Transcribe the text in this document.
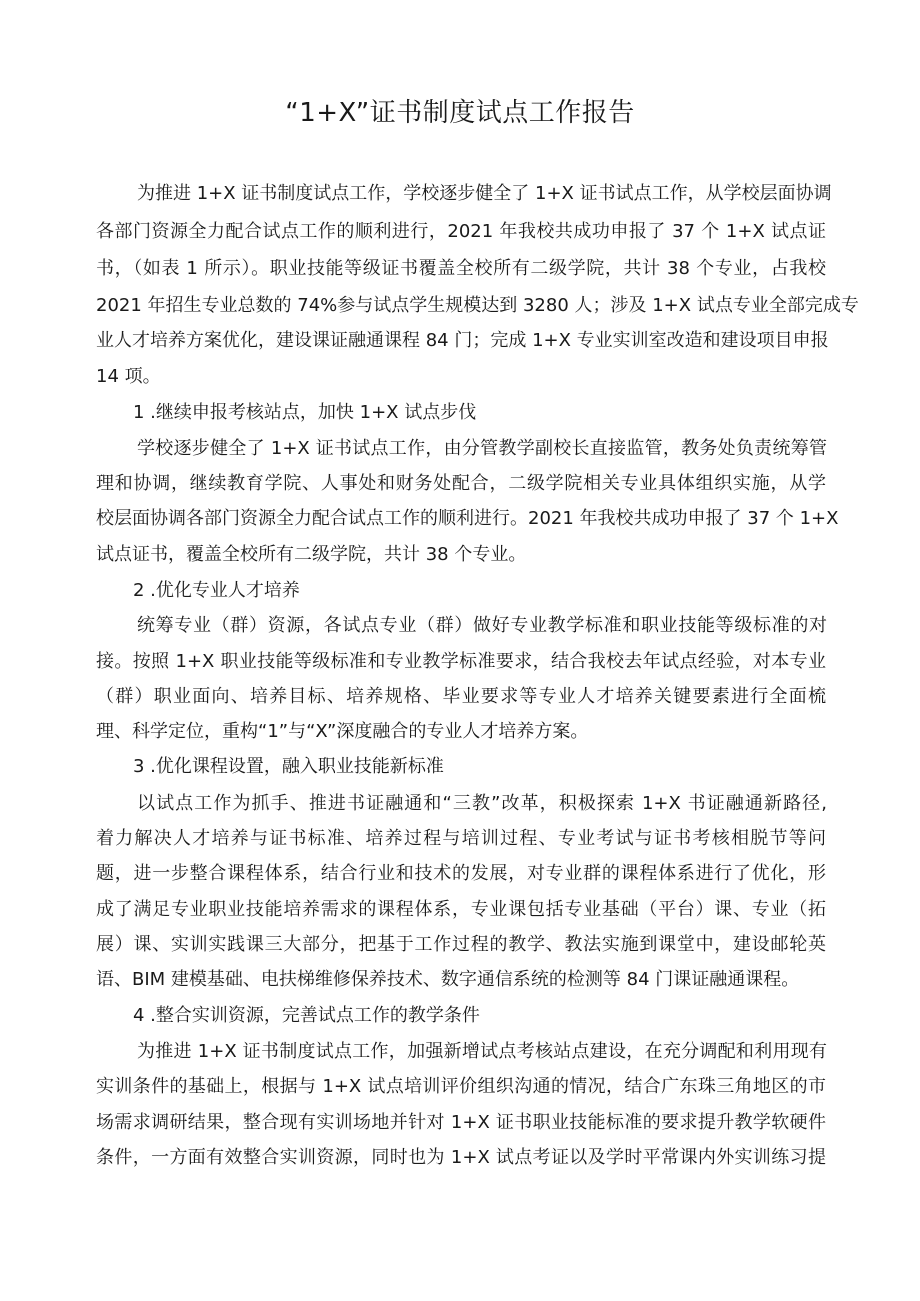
“1+X”证书制度试点工作报告
为推进 1+X 证书制度试点工作，学校逐步健全了 1+X 证书试点工作，从学校层面协调
各部门资源全力配合试点工作的顺利进行，2021 年我校共成功申报了 37 个 1+X 试点证
书，（如表 1 所示）。职业技能等级证书覆盖全校所有二级学院，共计 38 个专业，占我校
2021 年招生专业总数的 74%参与试点学生规模达到 3280 人；涉及 1+X 试点专业全部完成专
业人才培养方案优化，建设课证融通课程 84 门；完成 1+X 专业实训室改造和建设项目申报
14 项。
1 .继续申报考核站点，加快 1+X 试点步伐
学校逐步健全了 1+X 证书试点工作，由分管教学副校长直接监管，教务处负责统筹管
理和协调，继续教育学院、人事处和财务处配合，二级学院相关专业具体组织实施，从学
校层面协调各部门资源全力配合试点工作的顺利进行。2021 年我校共成功申报了 37 个 1+X
试点证书，覆盖全校所有二级学院，共计 38 个专业。
2 .优化专业人才培养
统筹专业（群）资源，各试点专业（群）做好专业教学标准和职业技能等级标准的对
接。按照 1+X 职业技能等级标准和专业教学标准要求，结合我校去年试点经验，对本专业
（群）职业面向、培养目标、培养规格、毕业要求等专业人才培养关键要素进行全面梳
理、科学定位，重构“1”与“X”深度融合的专业人才培养方案。
3 .优化课程设置，融入职业技能新标准
以试点工作为抓手、推进书证融通和“三教”改革，积极探索 1+X 书证融通新路径,
着力解决人才培养与证书标准、培养过程与培训过程、专业考试与证书考核相脱节等问
题，进一步整合课程体系，结合行业和技术的发展，对专业群的课程体系进行了优化，形
成了满足专业职业技能培养需求的课程体系，专业课包括专业基础（平台）课、专业（拓
展）课、实训实践课三大部分，把基于工作过程的教学、教法实施到课堂中，建设邮轮英
语、BIM 建模基础、电扶梯维修保养技术、数字通信系统的检测等 84 门课证融通课程。
4 .整合实训资源，完善试点工作的教学条件
为推进 1+X 证书制度试点工作，加强新增试点考核站点建设，在充分调配和利用现有
实训条件的基础上，根据与 1+X 试点培训评价组织沟通的情况，结合广东珠三角地区的市
场需求调研结果，整合现有实训场地并针对 1+X 证书职业技能标准的要求提升教学软硬件
条件，一方面有效整合实训资源，同时也为 1+X 试点考证以及学时平常课内外实训练习提
